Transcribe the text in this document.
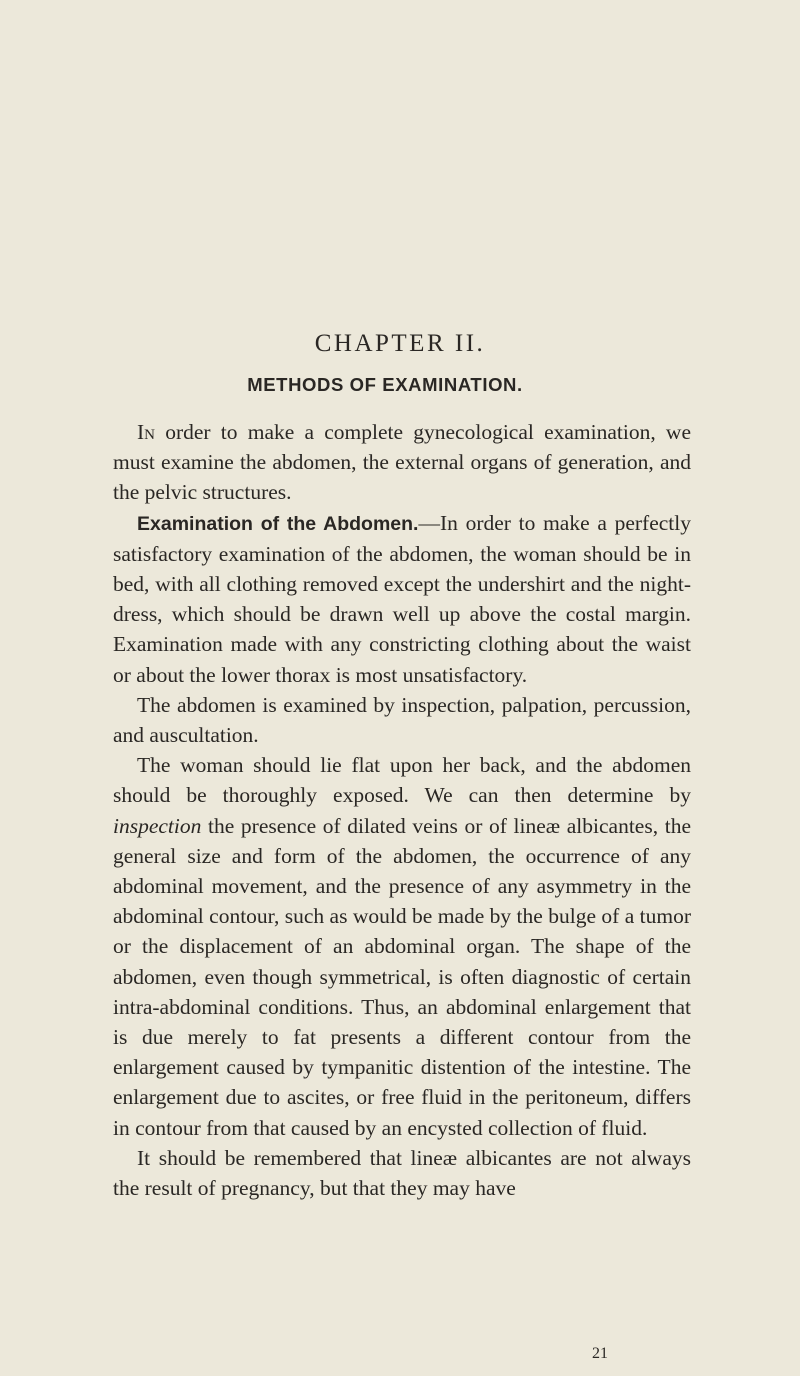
CHAPTER II.
METHODS OF EXAMINATION.

In order to make a complete gynecological examination, we must examine the abdomen, the external organs of generation, and the pelvic structures.

Examination of the Abdomen.—In order to make a perfectly satisfactory examination of the abdomen, the woman should be in bed, with all clothing removed except the undershirt and the night-dress, which should be drawn well up above the costal margin. Examination made with any constricting clothing about the waist or about the lower thorax is most unsatisfactory.

The abdomen is examined by inspection, palpation, percussion, and auscultation.

The woman should lie flat upon her back, and the abdomen should be thoroughly exposed. We can then determine by inspection the presence of dilated veins or of lineæ albicantes, the general size and form of the abdomen, the occurrence of any abdominal movement, and the presence of any asymmetry in the abdominal contour, such as would be made by the bulge of a tumor or the displacement of an abdominal organ. The shape of the abdomen, even though symmetrical, is often diagnostic of certain intra-abdominal conditions. Thus, an abdominal enlargement that is due merely to fat presents a different contour from the enlargement caused by tympanitic distention of the intestine. The enlargement due to ascites, or free fluid in the peritoneum, differs in contour from that caused by an encysted collection of fluid.

It should be remembered that lineæ albicantes are not always the result of pregnancy, but that they may have

21
